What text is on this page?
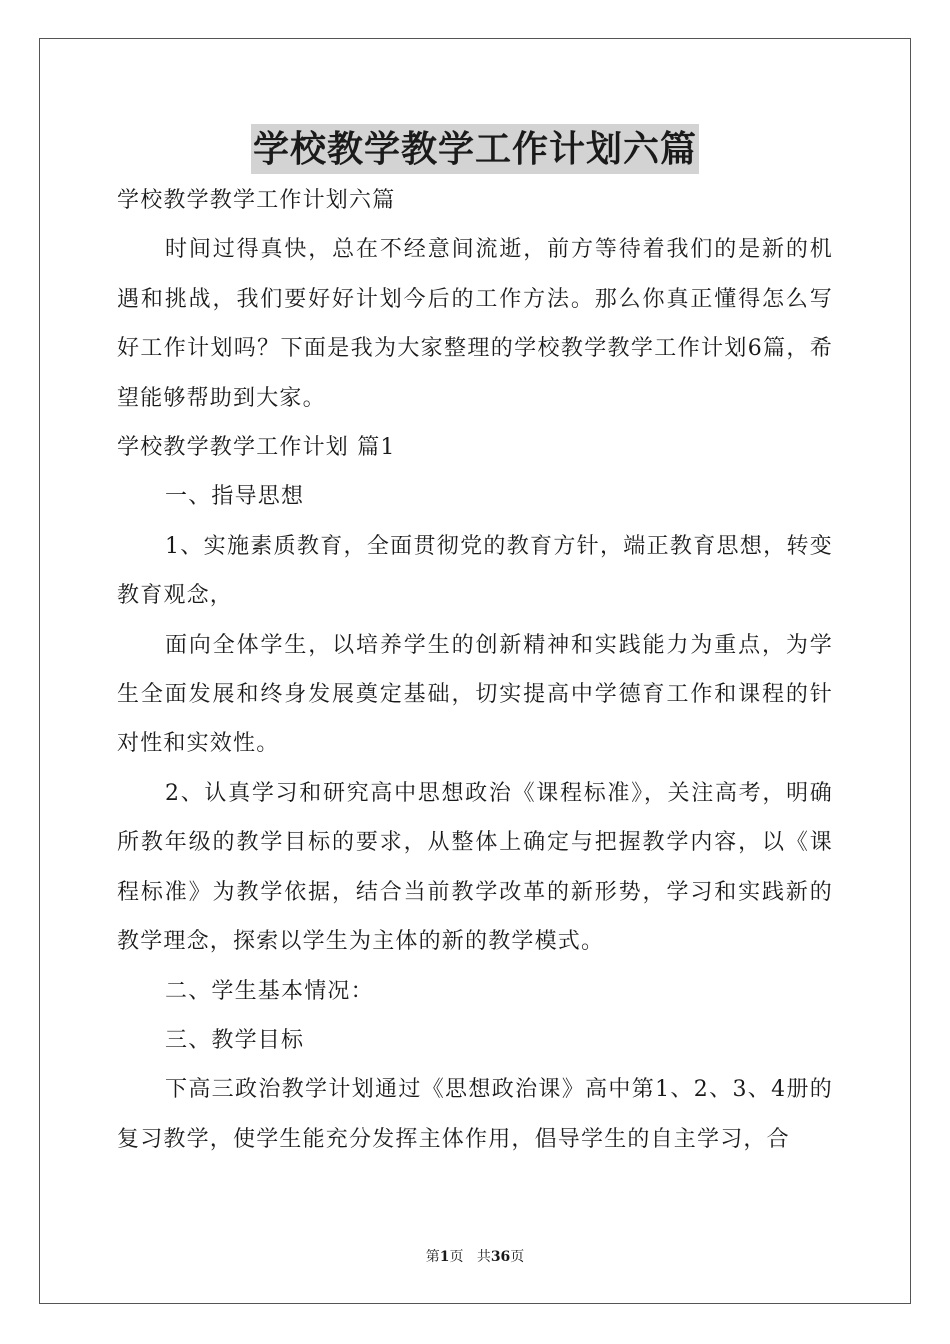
学校教学教学工作计划六篇

学校教学教学工作计划六篇

时间过得真快，总在不经意间流逝，前方等待着我们的是新的机遇和挑战，我们要好好计划今后的工作方法。那么你真正懂得怎么写好工作计划吗？下面是我为大家整理的学校教学教学工作计划6篇，希望能够帮助到大家。

学校教学教学工作计划 篇1

一、指导思想

1、实施素质教育，全面贯彻党的教育方针，端正教育思想，转变教育观念，

面向全体学生，以培养学生的创新精神和实践能力为重点，为学生全面发展和终身发展奠定基础，切实提高中学德育工作和课程的针对性和实效性。

2、认真学习和研究高中思想政治《课程标准》，关注高考，明确所教年级的教学目标的要求，从整体上确定与把握教学内容，以《课程标准》为教学依据，结合当前教学改革的新形势，学习和实践新的教学理念，探索以学生为主体的新的教学模式。

二、学生基本情况：

三、教学目标

下高三政治教学计划通过《思想政治课》高中第1、2、3、4册的复习教学，使学生能充分发挥主体作用，倡导学生的自主学习，合

第1页 共36页
